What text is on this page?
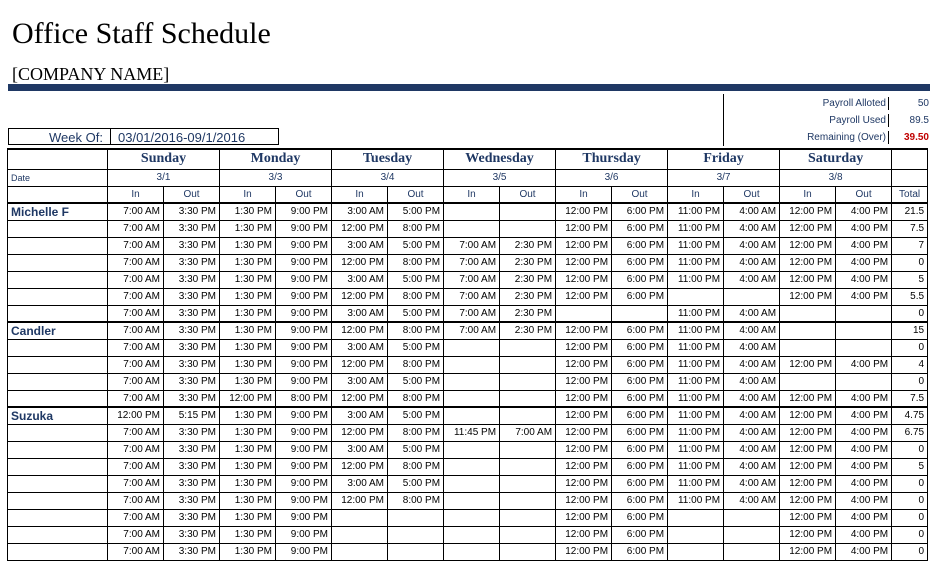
Office Staff Schedule
[COMPANY NAME]
Payroll Alloted	50
Payroll Used	89.5
Remaining (Over)	39.50
Week Of: 03/01/2016-09/1/2016
	Sunday		Monday		Tuesday		Wednesday		Thursday		Friday		Saturday		
Date	3/1		3/3		3/4		3/5		3/6		3/7		3/8		
	In	Out	In	Out	In	Out	In	Out	In	Out	In	Out	In	Out	Total
Michelle F	7:00 AM	3:30 PM	1:30 PM	9:00 PM	3:00 AM	5:00 PM			12:00 PM	6:00 PM	11:00 PM	4:00 AM	12:00 PM	4:00 PM	21.5
	7:00 AM	3:30 PM	1:30 PM	9:00 PM	12:00 PM	8:00 PM			12:00 PM	6:00 PM	11:00 PM	4:00 AM	12:00 PM	4:00 PM	7.5
	7:00 AM	3:30 PM	1:30 PM	9:00 PM	3:00 AM	5:00 PM	7:00 AM	2:30 PM	12:00 PM	6:00 PM	11:00 PM	4:00 AM	12:00 PM	4:00 PM	7
	7:00 AM	3:30 PM	1:30 PM	9:00 PM	12:00 PM	8:00 PM	7:00 AM	2:30 PM	12:00 PM	6:00 PM	11:00 PM	4:00 AM	12:00 PM	4:00 PM	0
	7:00 AM	3:30 PM	1:30 PM	9:00 PM	3:00 AM	5:00 PM	7:00 AM	2:30 PM	12:00 PM	6:00 PM	11:00 PM	4:00 AM	12:00 PM	4:00 PM	5
	7:00 AM	3:30 PM	1:30 PM	9:00 PM	12:00 PM	8:00 PM	7:00 AM	2:30 PM	12:00 PM	6:00 PM			12:00 PM	4:00 PM	5.5
	7:00 AM	3:30 PM	1:30 PM	9:00 PM	3:00 AM	5:00 PM	7:00 AM	2:30 PM			11:00 PM	4:00 AM			0
Candler	7:00 AM	3:30 PM	1:30 PM	9:00 PM	12:00 PM	8:00 PM	7:00 AM	2:30 PM	12:00 PM	6:00 PM	11:00 PM	4:00 AM			15
	7:00 AM	3:30 PM	1:30 PM	9:00 PM	3:00 AM	5:00 PM			12:00 PM	6:00 PM	11:00 PM	4:00 AM			0
	7:00 AM	3:30 PM	1:30 PM	9:00 PM	12:00 PM	8:00 PM			12:00 PM	6:00 PM	11:00 PM	4:00 AM	12:00 PM	4:00 PM	4
	7:00 AM	3:30 PM	1:30 PM	9:00 PM	3:00 AM	5:00 PM			12:00 PM	6:00 PM	11:00 PM	4:00 AM			0
	7:00 AM	3:30 PM	12:00 PM	8:00 PM	12:00 PM	8:00 PM			12:00 PM	6:00 PM	11:00 PM	4:00 AM	12:00 PM	4:00 PM	7.5
Suzuka	12:00 PM	5:15 PM	1:30 PM	9:00 PM	3:00 AM	5:00 PM			12:00 PM	6:00 PM	11:00 PM	4:00 AM	12:00 PM	4:00 PM	4.75
	7:00 AM	3:30 PM	1:30 PM	9:00 PM	12:00 PM	8:00 PM	11:45 PM	7:00 AM	12:00 PM	6:00 PM	11:00 PM	4:00 AM	12:00 PM	4:00 PM	6.75
	7:00 AM	3:30 PM	1:30 PM	9:00 PM	3:00 AM	5:00 PM			12:00 PM	6:00 PM	11:00 PM	4:00 AM	12:00 PM	4:00 PM	0
	7:00 AM	3:30 PM	1:30 PM	9:00 PM	12:00 PM	8:00 PM			12:00 PM	6:00 PM	11:00 PM	4:00 AM	12:00 PM	4:00 PM	5
	7:00 AM	3:30 PM	1:30 PM	9:00 PM	3:00 AM	5:00 PM			12:00 PM	6:00 PM	11:00 PM	4:00 AM	12:00 PM	4:00 PM	0
	7:00 AM	3:30 PM	1:30 PM	9:00 PM	12:00 PM	8:00 PM			12:00 PM	6:00 PM	11:00 PM	4:00 AM	12:00 PM	4:00 PM	0
	7:00 AM	3:30 PM	1:30 PM	9:00 PM					12:00 PM	6:00 PM			12:00 PM	4:00 PM	0
	7:00 AM	3:30 PM	1:30 PM	9:00 PM					12:00 PM	6:00 PM			12:00 PM	4:00 PM	0
	7:00 AM	3:30 PM	1:30 PM	9:00 PM					12:00 PM	6:00 PM			12:00 PM	4:00 PM	0
